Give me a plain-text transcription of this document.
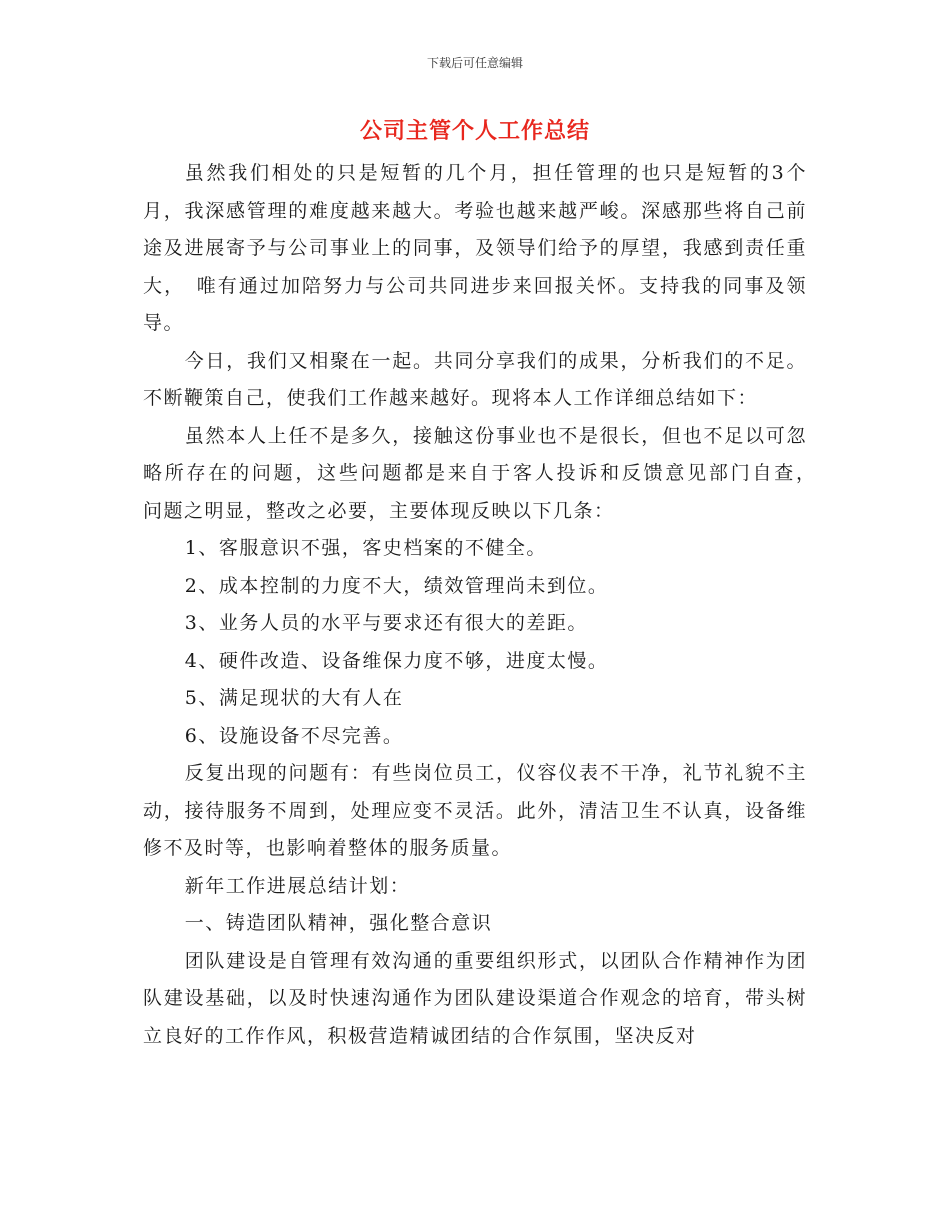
下载后可任意编辑
公司主管个人工作总结

虽然我们相处的只是短暂的几个月，担任管理的也只是短暂的3个月，我深感管理的难度越来越大。考验也越来越严峻。深感那些将自己前途及进展寄予与公司事业上的同事，及领导们给予的厚望，我感到责任重大，　唯有通过加陪努力与公司共同进步来回报关怀。支持我的同事及领导。

今日，我们又相聚在一起。共同分享我们的成果，分析我们的不足。不断鞭策自己，使我们工作越来越好。现将本人工作详细总结如下：

虽然本人上任不是多久，接触这份事业也不是很长，但也不足以可忽略所存在的问题，这些问题都是来自于客人投诉和反馈意见部门自查，　问题之明显，整改之必要，主要体现反映以下几条：

1、客服意识不强，客史档案的不健全。

2、成本控制的力度不大，绩效管理尚未到位。

3、业务人员的水平与要求还有很大的差距。

4、硬件改造、设备维保力度不够，进度太慢。

5、满足现状的大有人在

6、设施设备不尽完善。

反复出现的问题有：有些岗位员工，仪容仪表不干净，礼节礼貌不主动，接待服务不周到，处理应变不灵活。此外，清洁卫生不认真，设备维修不及时等，也影响着整体的服务质量。

新年工作进展总结计划：

一、铸造团队精神，强化整合意识

团队建设是自管理有效沟通的重要组织形式，以团队合作精神作为团队建设基础，以及时快速沟通作为团队建设渠道合作观念的培育，带头树立良好的工作作风，积极营造精诚团结的合作氛围，坚决反对
